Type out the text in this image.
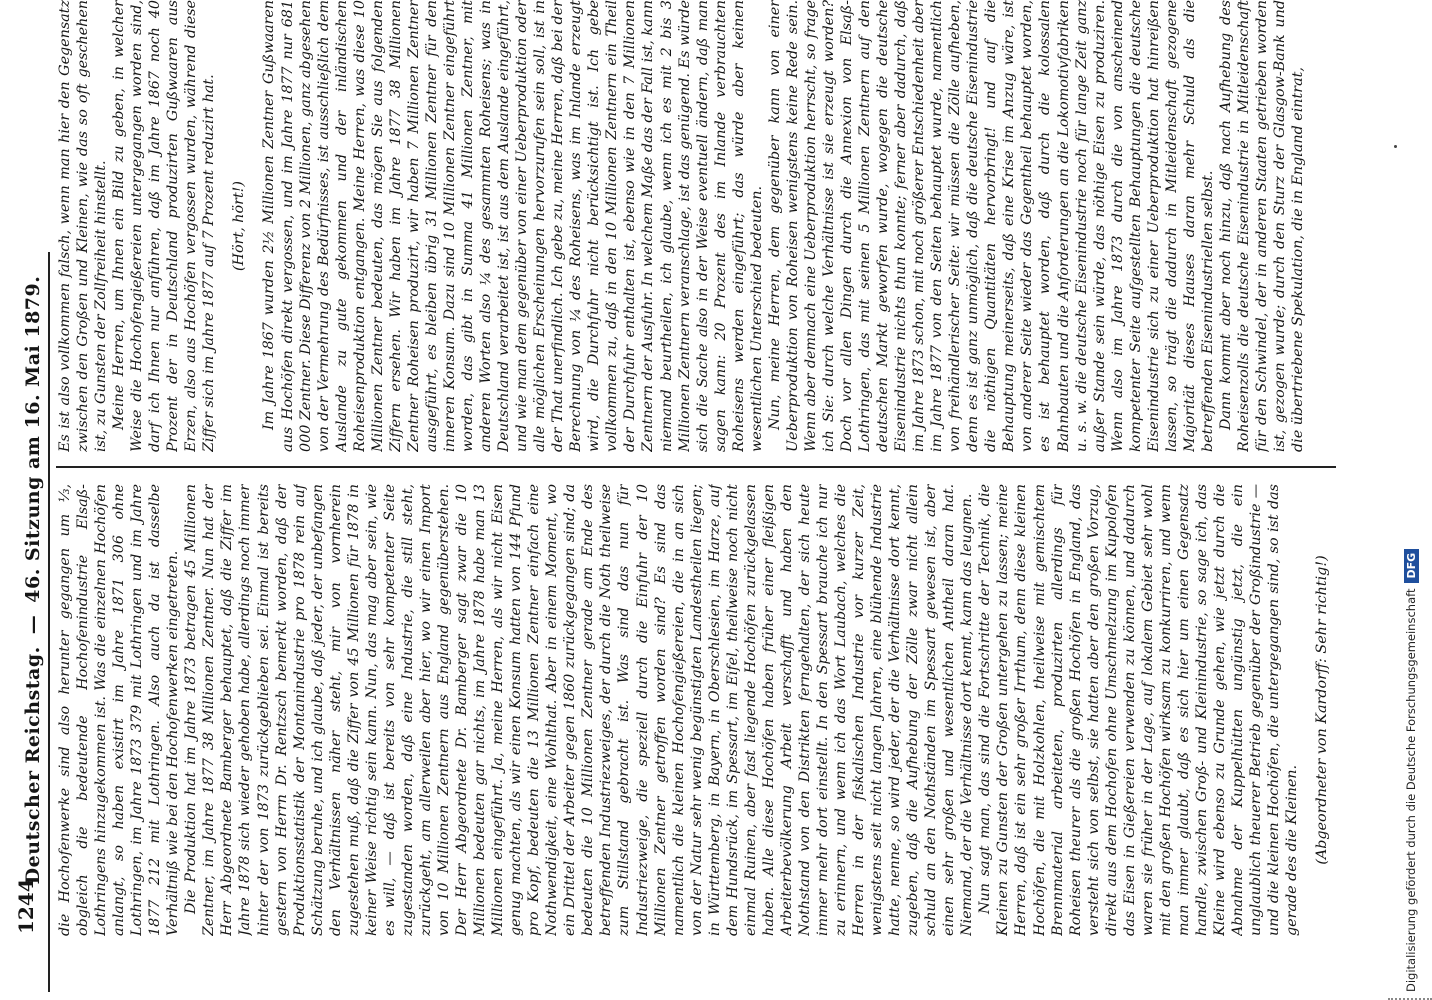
1244
Deutscher Reichstag.—46. Sitzung am 16. Mai 1879.

die Hochofenwerke sind also herunter gegangen um ⅓, obgleich die bedeutende Hochofenindustrie Elsaß-Lothringens hinzugekommen ist. Was die einzelnen Hochöfen anlangt, so haben existirt im Jahre 1871 306 ohne Lothringen, im Jahre 1873 379 mit Lothringen und im Jahre 1877 212 mit Lothringen. Also auch da ist dasselbe Verhältniß wie bei den Hochofenwerken eingetreten. Die Produktion hat im Jahre 1873 betragen 45 Millionen Zentner, im Jahre 1877 38 Millionen Zentner. Nun hat der Herr Abgeordnete Bamberger behauptet, daß die Ziffer im Jahre 1878 sich wieder gehoben habe, allerdings noch immer hinter der von 1873 zurückgeblieben sei. Einmal ist bereits gestern von Herrn Dr. Rentzsch bemerkt worden, daß der Produktionsstatistik der Montanindustrie pro 1878 rein auf Schätzung beruhe, und ich glaube, daß jeder, der unbefangen den Verhältnissen näher steht, mir von vornherein zugestehen muß, daß die Ziffer von 45 Millionen für 1878 in keiner Weise richtig sein kann. Nun, das mag aber sein, wie es will, — daß ist bereits von sehr kompetenter Seite zugestanden worden, daß eine Industrie, die still steht, zurückgeht, am allerweilen aber hier, wo wir einen Import von 10 Millionen Zentnern aus England gegenüberstehen. Der Herr Abgeordnete Dr. Bamberger sagt zwar die 10 Millionen bedeuten gar nichts, im Jahre 1878 habe man 13 Millionen eingeführt. Ja, meine Herren, als wir nicht Eisen genug machten, als wir einen Konsum hatten von 144 Pfund pro Kopf, bedeuten die 13 Millionen Zentner einfach eine Nothwendigkeit, eine Wohlthat. Aber in einem Moment, wo ein Drittel der Arbeiter gegen 1860 zurückgegangen sind; da bedeuten die 10 Millionen Zentner gerade am Ende des betreffenden Industriezweiges, der durch die Noth theilweise zum Stillstand gebracht ist. Was sind das nun für Industriezweige, die speziell durch die Einfuhr der 10 Millionen Zentner getroffen worden sind? Es sind das namentlich die kleinen Hochofengießereien, die in an sich von der Natur sehr wenig begünstigten Landestheilen liegen; in Württemberg, in Bayern, in Oberschlesien, im Harze, auf dem Hundsrück, im Spessart, im Eifel, theilweise noch nicht einmal Ruinen, aber fast liegende Hochöfen zurückgelassen haben. Alle diese Hochöfen haben früher einer fleißigen Arbeiterbevölkerung Arbeit verschafft und haben den Nothstand von den Distrikten ferngehalten, der sich heute immer mehr dort einstellt. In den Spessart brauche ich nur zu erinnern, und wenn ich das Wort Laubach, welches die Herren in der fiskalischen Industrie vor kurzer Zeit, wenigstens seit nicht langen Jahren, eine blühende Industrie hatte, nenne, so wird jeder, der die Verhältnisse dort kennt, zugeben, daß die Aufhebung der Zölle zwar nicht allein schuld an den Nothständen im Spessart gewesen ist, aber einen sehr großen und wesentlichen Antheil daran hat. Niemand, der die Verhältnisse dort kennt, kann das leugnen. Nun sagt man, das sind die Fortschritte der Technik, die Kleinen zu Gunsten der Großen untergehen zu lassen; meine Herren, daß ist ein sehr großer Irrthum, denn diese kleinen Hochöfen, die mit Holzkohlen, theilweise mit gemischtem Brennmaterial arbeiteten, produzirten allerdings für Roheisen theurer als die großen Hochöfen in England, das versteht sich von selbst, sie hatten aber den großen Vorzug, direkt aus dem Hochofen ohne Umschmelzung im Kupolofen das Eisen in Gießereien verwenden zu können, und dadurch waren sie früher in der Lage, auf lokalem Gebiet sehr wohl mit den großen Hochöfen wirksam zu konkurriren, und wenn man immer glaubt, daß es sich hier um einen Gegensatz handle, zwischen Groß- und Kleinindustrie, so sage ich, das Kleine wird ebenso zu Grunde gehen, wie jetzt durch die Abnahme der Kuppelhütten ungünstig jetzt, die ein unglaublich theuerer Betrieb gegenüber der Großindustrie — und die kleinen Hochöfen, die untergegangen sind, so ist das gerade des die Kleinen. (Abgeordneter von Kardorff: Sehr richtig!)

Es ist also vollkommen falsch, wenn man hier den Gegensatz zwischen den Großen und Kleinen, wie das so oft geschehen ist, zu Gunsten der Zollfreiheit hinstellt. Meine Herren, um Ihnen ein Bild zu geben, in welcher Weise die Hochofengießereien untergegangen worden sind, darf ich Ihnen nur anführen, daß im Jahre 1867 noch 40 Prozent der in Deutschland produzirten Gußwaaren aus Erzen, also aus Hochöfen vergossen wurden, während diese Ziffer sich im Jahre 1877 auf 7 Prozent reduzirt hat. (Hört, hört!) Im Jahre 1867 wurden 2½ Millionen Zentner Gußwaaren aus Hochöfen direkt vergossen, und im Jahre 1877 nur 681 000 Zentner. Diese Differenz von 2 Millionen, ganz abgesehen von der Vermehrung des Bedürfnisses, ist ausschließlich dem Auslande zu gute gekommen und der inländischen Roheisenproduktion entgangen. Meine Herren, was diese 10 Millionen Zentner bedeuten, das mögen Sie aus folgenden Ziffern ersehen. Wir haben im Jahre 1877 38 Millionen Zentner Roheisen produzirt, wir haben 7 Millionen Zentner ausgeführt, es bleiben übrig 31 Millionen Zentner für den inneren Konsum. Dazu sind 10 Millionen Zentner eingeführt worden, das gibt in Summa 41 Millionen Zentner, mit anderen Worten also ¼ des gesammten Roheisens; was in Deutschland verarbeitet ist, ist aus dem Auslande eingeführt, und wie man dem gegenüber von einer Ueberproduktion oder alle möglichen Erscheinungen hervorzurufen sein soll, ist in der That unerfindlich. Ich gebe zu, meine Herren, daß bei der Berechnung von ¼ des Roheisens, was im Inlande erzeugt wird, die Durchfuhr nicht berücksichtigt ist. Ich gebe vollkommen zu, daß in den 10 Millionen Zentnern ein Theil der Durchfuhr enthalten ist, ebenso wie in den 7 Millionen Zentnern der Ausfuhr. In welchem Maße das der Fall ist, kann niemand beurtheilen, ich glaube, wenn ich es mit 2 bis 3 Millionen Zentnern veranschlage, ist das genügend. Es würde sich die Sache also in der Weise eventuell ändern, daß man sagen kann: 20 Prozent des im Inlande verbrauchten Roheisens werden eingeführt; das würde aber keinen wesentlichen Unterschied bedeuten. Nun, meine Herren, dem gegenüber kann von einer Ueberproduktion von Roheisen wenigstens keine Rede sein. Wenn aber demnach eine Ueberproduktion herrscht, so frage ich Sie: durch welche Verhältnisse ist sie erzeugt worden? Doch vor allen Dingen durch die Annexion von Elsaß-Lothringen, das mit seinen 5 Millionen Zentnern auf den deutschen Markt geworfen wurde, wogegen die deutsche Eisenindustrie nichts thun konnte; ferner aber dadurch, daß im Jahre 1873 schon, mit noch größerer Entschiedenheit aber im Jahre 1877 von den Seiten behauptet wurde, namentlich von freihändlerischer Seite: wir müssen die Zölle aufheben, denn es ist ganz unmöglich, daß die deutsche Eisenindustrie die nöthigen Quantitäten hervorbringt! und auf die Behauptung meinerseits, daß eine Krise im Anzug wäre, ist von anderer Seite wieder das Gegentheil behauptet worden, es ist behauptet worden, daß durch die kolossalen Bahnbauten und die Anforderungen an die Lokomotivfabriken u. s. w. die deutsche Eisenindustrie noch für lange Zeit ganz außer Stande sein würde, das nöthige Eisen zu produziren. Wenn also im Jahre 1873 durch die von anscheinend kompetenter Seite aufgestellten Behauptungen die deutsche Eisenindustrie sich zu einer Ueberproduktion hat hinreißen lassen, so trägt die dadurch in Mitleidenschaft gezogene Majorität dieses Hauses daran mehr Schuld als die betreffenden Eisenindustriellen selbst. Dann kommt aber noch hinzu, daß nach Aufhebung des Roheisenzolls die deutsche Eisenindustrie in Mitleidenschaft für den Schwindel, der in anderen Staaten getrieben worden ist, gezogen wurde; durch den Sturz der Glasgow-Bank und die übertriebene Spekulation, die in England eintrat,

Digitalisierung gefördert durch die Deutsche ForschungsgemeinschaftDFG
